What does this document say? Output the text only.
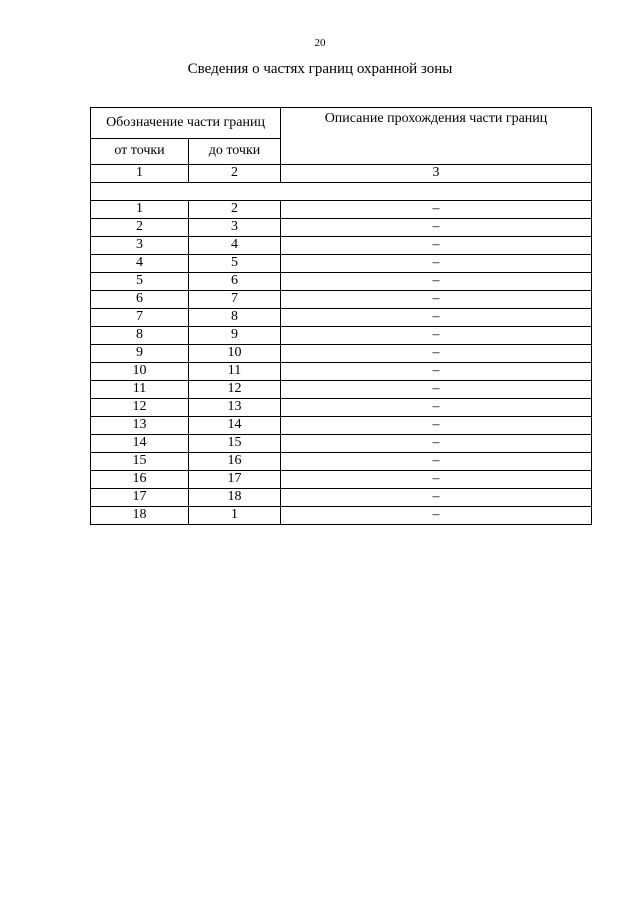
20
Сведения о частях границ охранной зоны
Обозначение части границ		Описание прохождения части границ
от точки	до точки	
1	2	3

1	2	–
2	3	–
3	4	–
4	5	–
5	6	–
6	7	–
7	8	–
8	9	–
9	10	–
10	11	–
11	12	–
12	13	–
13	14	–
14	15	–
15	16	–
16	17	–
17	18	–
18	1	–
